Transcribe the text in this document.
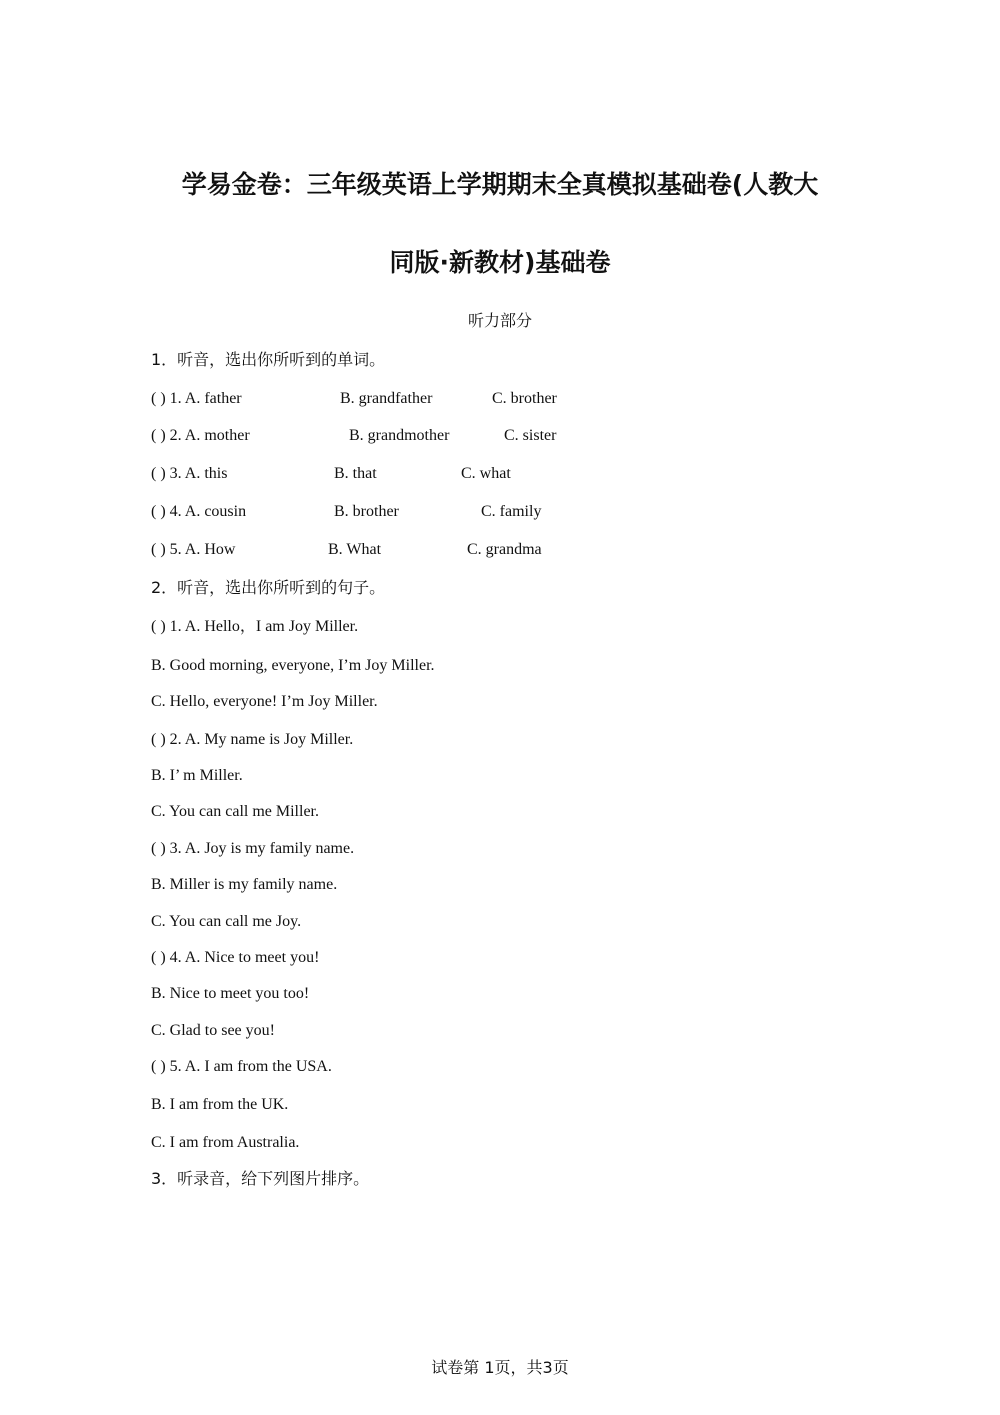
学易金卷：三年级英语上学期期末全真模拟基础卷(人教大
同版·新教材)基础卷
听力部分
1．听音，选出你所听到的单词。
( ) 1. A. father	B. grandfather	C. brother
( ) 2. A. mother	B. grandmother	C. sister
( ) 3. A. this	B. that	C. what
( ) 4. A. cousin	B. brother	C. family
( ) 5. A. How	B. What	C. grandma
2．听音，选出你所听到的句子。
( ) 1. A. Hello，I am Joy Miller.
B. Good morning, everyone, I’m Joy Miller.
C. Hello, everyone! I’m Joy Miller.
( ) 2. A. My name is Joy Miller.
B. I’ m Miller.
C. You can call me Miller.
( ) 3. A. Joy is my family name.
B. Miller is my family name.
C. You can call me Joy.
( ) 4. A. Nice to meet you!
B. Nice to meet you too!
C. Glad to see you!
( ) 5. A. I am from the USA.
B. I am from the UK.
C. I am from Australia.
3．听录音，给下列图片排序。
试卷第 1页，共3页
